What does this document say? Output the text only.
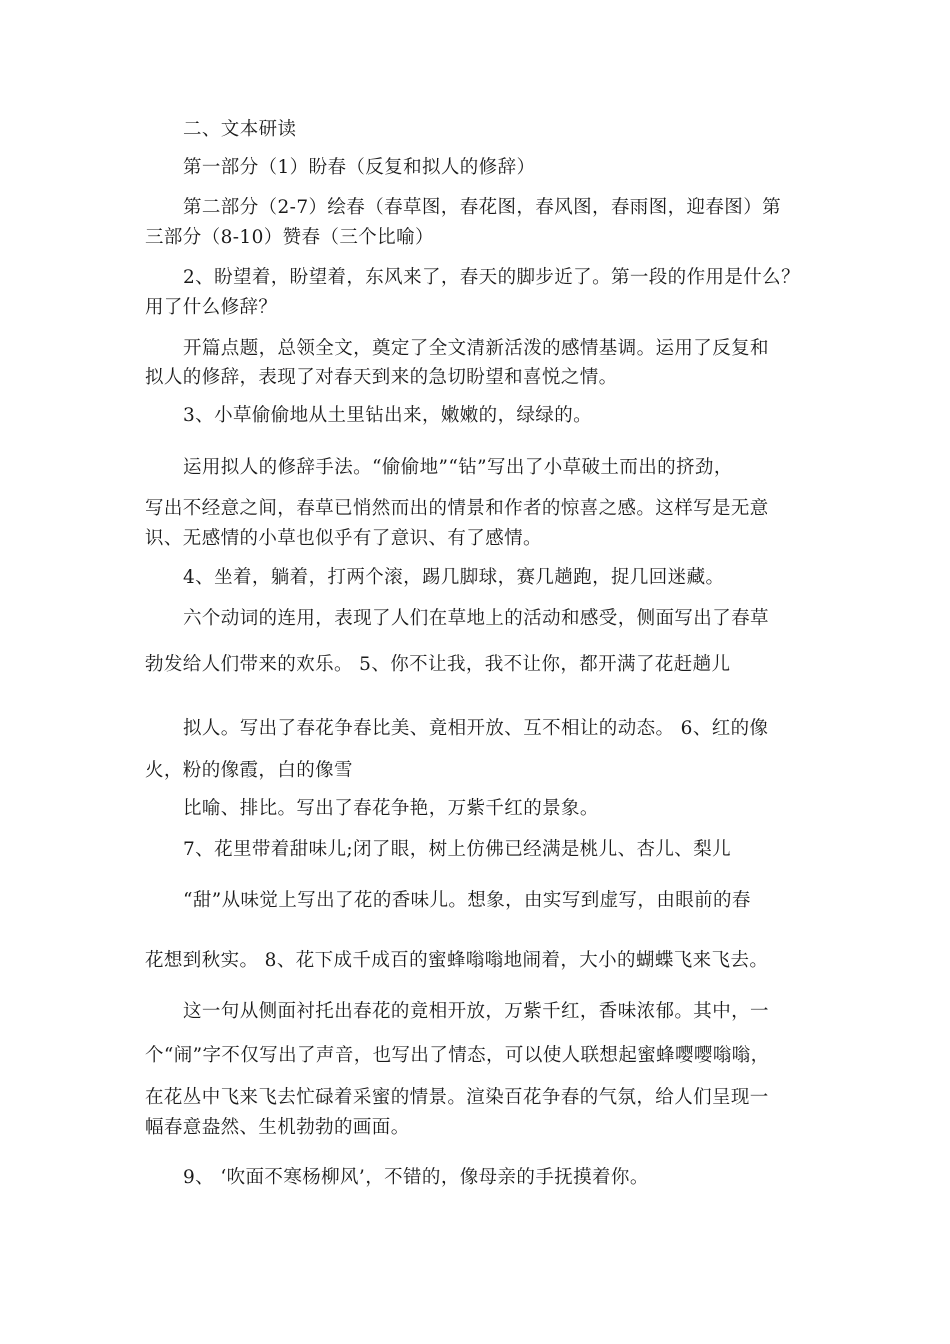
二、文本研读
第一部分（1）盼春（反复和拟人的修辞）
第二部分（2-7）绘春（春草图，春花图，春风图，春雨图，迎春图）第
三部分（8-10）赞春（三个比喻）
2、盼望着，盼望着，东风来了，春天的脚步近了。第一段的作用是什么？
用了什么修辞？
开篇点题，总领全文，奠定了全文清新活泼的感情基调。运用了反复和
拟人的修辞，表现了对春天到来的急切盼望和喜悦之情。
3、小草偷偷地从土里钻出来，嫩嫩的，绿绿的。
运用拟人的修辞手法。“偷偷地”“钻”写出了小草破土而出的挤劲，
写出不经意之间，春草已悄然而出的情景和作者的惊喜之感。这样写是无意
识、无感情的小草也似乎有了意识、有了感情。
4、坐着，躺着，打两个滚，踢几脚球，赛几趟跑，捉几回迷藏。
六个动词的连用，表现了人们在草地上的活动和感受，侧面写出了春草
勃发给人们带来的欢乐。 5、你不让我，我不让你，都开满了花赶趟儿
拟人。写出了春花争春比美、竟相开放、互不相让的动态。 6、红的像
火，粉的像霞，白的像雪
比喻、排比。写出了春花争艳，万紫千红的景象。
7、花里带着甜味儿;闭了眼，树上仿佛已经满是桃儿、杏儿、梨儿
“甜”从味觉上写出了花的香味儿。想象，由实写到虚写，由眼前的春
花想到秋实。 8、花下成千成百的蜜蜂嗡嗡地闹着，大小的蝴蝶飞来飞去。
这一句从侧面衬托出春花的竟相开放，万紫千红，香味浓郁。其中，一
个“闹”字不仅写出了声音，也写出了情态，可以使人联想起蜜蜂嘤嘤嗡嗡，
在花丛中飞来飞去忙碌着采蜜的情景。渲染百花争春的气氛，给人们呈现一
幅春意盎然、生机勃勃的画面。
9、 ‘吹面不寒杨柳风’，不错的，像母亲的手抚摸着你。
